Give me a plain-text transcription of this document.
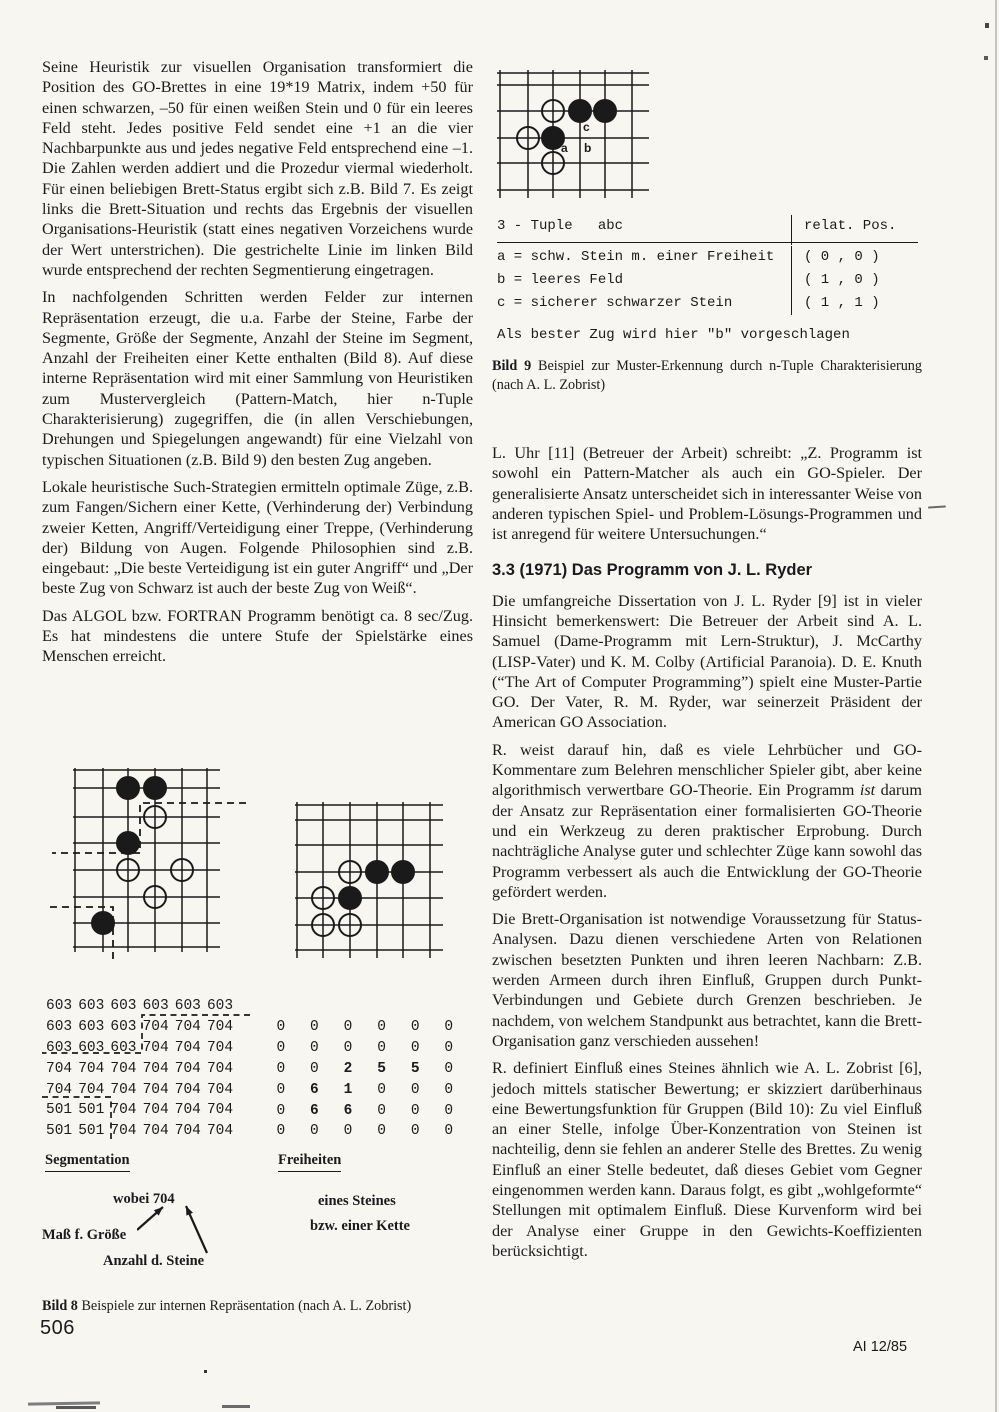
Seine Heuristik zur visuellen Organisation transformiert die Position des GO-Brettes in eine 19*19 Matrix, indem +50 für einen schwarzen, –50 für einen weißen Stein und 0 für ein leeres Feld steht. Jedes positive Feld sendet eine +1 an die vier Nachbarpunkte aus und jedes negative Feld entsprechend eine –1. Die Zahlen werden addiert und die Prozedur viermal wiederholt. Für einen beliebigen Brett-Status ergibt sich z.B. Bild 7. Es zeigt links die Brett-Situation und rechts das Ergebnis der visuellen Organisations-Heuristik (statt eines negativen Vorzeichens wurde der Wert unterstrichen). Die gestrichelte Linie im linken Bild wurde entsprechend der rechten Segmentierung eingetragen.

In nachfolgenden Schritten werden Felder zur internen Repräsentation erzeugt, die u.a. Farbe der Steine, Farbe der Segmente, Größe der Segmente, Anzahl der Steine im Segment, Anzahl der Freiheiten einer Kette enthalten (Bild 8). Auf diese interne Repräsentation wird mit einer Sammlung von Heuristiken zum Mustervergleich (Pattern-Match, hier n-Tuple Charakterisierung) zugegriffen, die (in allen Verschiebungen, Drehungen und Spiegelungen angewandt) für eine Vielzahl von typischen Situationen (z.B. Bild 9) den besten Zug angeben.

Lokale heuristische Such-Strategien ermitteln optimale Züge, z.B. zum Fangen/Sichern einer Kette, (Verhinderung der) Verbindung zweier Ketten, Angriff/Verteidigung einer Treppe, (Verhinderung der) Bildung von Augen. Folgende Philosophien sind z.B. eingebaut: „Die beste Verteidigung ist ein guter Angriff“ und „Der beste Zug von Schwarz ist auch der beste Zug von Weiß“.

Das ALGOL bzw. FORTRAN Programm benötigt ca. 8 sec/Zug. Es hat mindestens die untere Stufe der Spielstärke eines Menschen erreicht.

a b
c
3 - Tuple   abc	relat. Pos.
a = schw. Stein m. einer Freiheit	( 0 , 0 )
b = leeres Feld	( 1 , 0 )
c = sicherer schwarzer Stein	( 1 , 1 )
Als bester Zug wird hier "b" vorgeschlagen

Bild 9 Beispiel zur Muster-Erkennung durch n-Tuple Charakterisierung (nach A. L. Zobrist)

L. Uhr [11] (Betreuer der Arbeit) schreibt: „Z. Programm ist sowohl ein Pattern-Matcher als auch ein GO-Spieler. Der generalisierte Ansatz unterscheidet sich in interessanter Weise von anderen typischen Spiel- und Problem-Lösungs-Programmen und ist anregend für weitere Untersuchungen.“

3.3 (1971) Das Programm von J. L. Ryder

Die umfangreiche Dissertation von J. L. Ryder [9] ist in vieler Hinsicht bemerkenswert: Die Betreuer der Arbeit sind A. L. Samuel (Dame-Programm mit Lern-Struktur), J. McCarthy (LISP-Vater) und K. M. Colby (Artificial Paranoia). D. E. Knuth (“The Art of Computer Programming”) spielt eine Muster-Partie GO. Der Vater, R. M. Ryder, war seinerzeit Präsident der American GO Association.

R. weist darauf hin, daß es viele Lehrbücher und GO-Kommentare zum Belehren menschlicher Spieler gibt, aber keine algorithmisch verwertbare GO-Theorie. Ein Programm ist darum der Ansatz zur Repräsentation einer formalisierten GO-Theorie und ein Werkzeug zu deren praktischer Erprobung. Durch nachträgliche Analyse guter und schlechter Züge kann sowohl das Programm verbessert als auch die Entwicklung der GO-Theorie gefördert werden.

Die Brett-Organisation ist notwendige Voraussetzung für Status-Analysen. Dazu dienen verschiedene Arten von Relationen zwischen besetzten Punkten und ihren leeren Nachbarn: Z.B. werden Armeen durch ihren Einfluß, Gruppen durch Punkt-Verbindungen und Gebiete durch Grenzen beschrieben. Je nachdem, von welchem Standpunkt aus betrachtet, kann die Brett-Organisation ganz verschieden aussehen!

R. definiert Einfluß eines Steines ähnlich wie A. L. Zobrist [6], jedoch mittels statischer Bewertung; er skizziert darüberhinaus eine Bewertungsfunktion für Gruppen (Bild 10): Zu viel Einfluß an einer Stelle, infolge Über-Konzentration von Steinen ist nachteilig, denn sie fehlen an anderer Stelle des Brettes. Zu wenig Einfluß an einer Stelle bedeutet, daß dieses Gebiet vom Gegner eingenommen werden kann. Daraus folgt, es gibt „wohlgeformte“ Stellungen mit optimalem Einfluß. Diese Kurvenform wird bei der Analyse einer Gruppe in den Gewichts-Koeffizienten berücksichtigt.

603 603 603 603 603 603
603 603 603 704 704 704
603 603 603 704 704 704
704 704 704 704 704 704
704 704 704 704 704 704
501 501 704 704 704 704
501 501 704 704 704 704
0	0	0	0	0	0
0	0	0	0	0	0
0	0	2	5	5	0
0	6	1	0	0	0
0	6	6	0	0	0
0	0	0	0	0	0
Segmentation	Freiheiten
wobei 704	eines Steines
bzw. einer Kette
Maß f. Größe
Anzahl d. Steine

Bild 8 Beispiele zur internen Repräsentation (nach A. L. Zobrist)

506
AI 12/85
